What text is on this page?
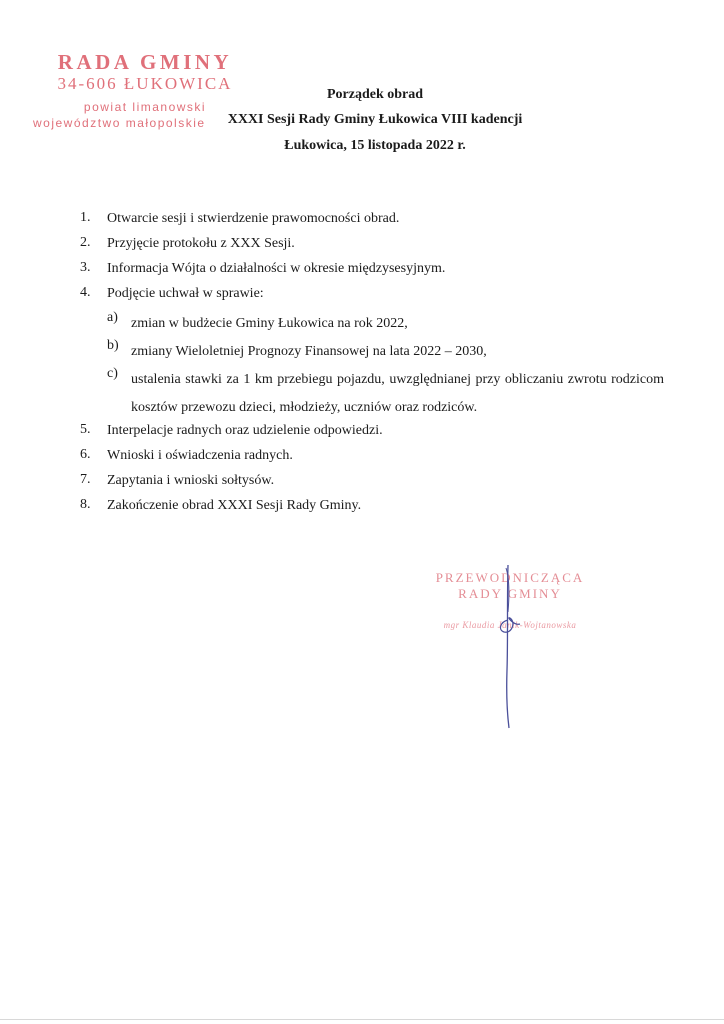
RADA GMINY
34-606 ŁUKOWICA
powiat limanowski
województwo małopolskie
Porządek obrad
XXXI Sesji Rady Gminy Łukowica VIII kadencji
Łukowica, 15 listopada 2022 r.
1.	Otwarcie sesji i stwierdzenie prawomocności obrad.
2.	Przyjęcie protokołu z XXX Sesji.
3.	Informacja Wójta o działalności w okresie międzysesyjnym.
4.	Podjęcie uchwał w sprawie:
a) zmian w budżecie Gminy Łukowica na rok 2022,
b) zmiany Wieloletniej Prognozy Finansowej na lata 2022 – 2030,
c) ustalenia stawki za 1 km przebiegu pojazdu, uwzględnianej przy obliczaniu zwrotu rodzicom kosztów przewozu dzieci, młodzieży, uczniów oraz rodziców.
5.	Interpelacje radnych oraz udzielenie odpowiedzi.
6.	Wnioski i oświadczenia radnych.
7.	Zapytania i wnioski sołtysów.
8.	Zakończenie obrad XXXI Sesji Rady Gminy.
PRZEWODNICZĄCA
RADY GMINY
mgr Klaudia Janik-Wojtanowska
